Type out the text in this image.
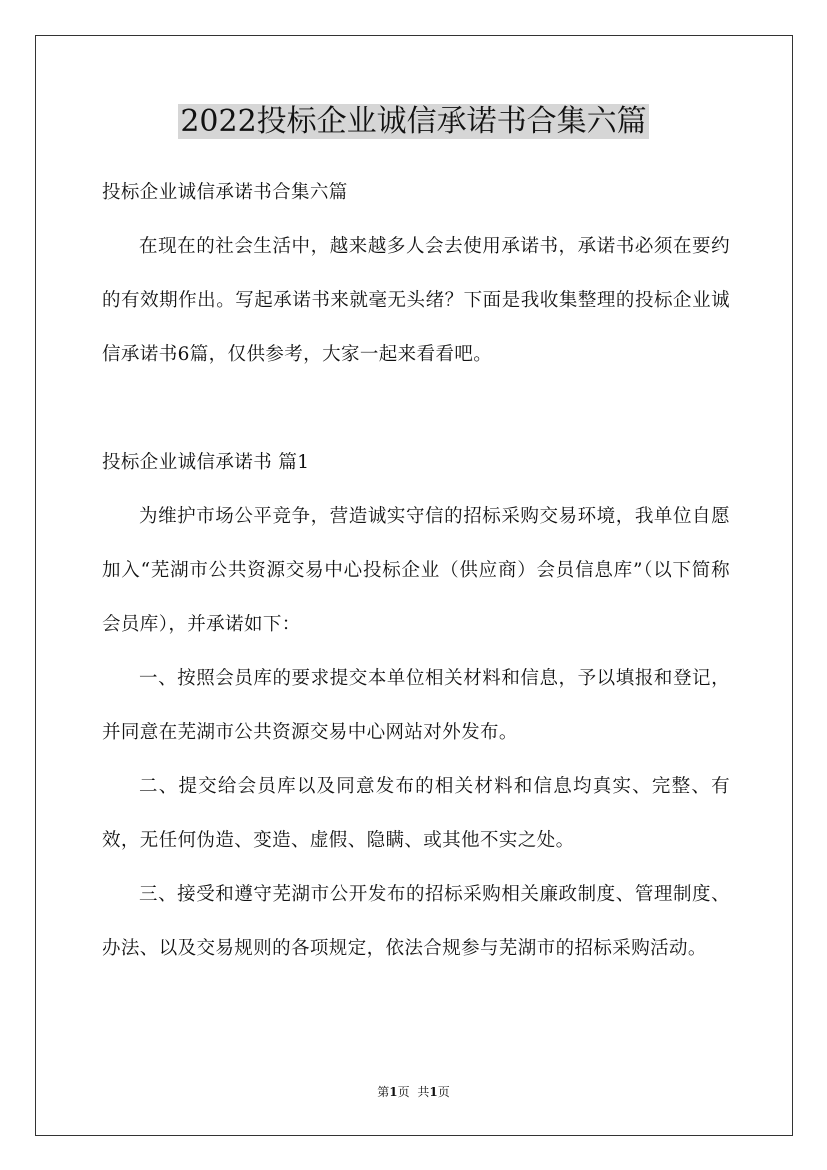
2022投标企业诚信承诺书合集六篇

投标企业诚信承诺书合集六篇

在现在的社会生活中，越来越多人会去使用承诺书，承诺书必须在要约的有效期作出。写起承诺书来就毫无头绪？下面是我收集整理的投标企业诚信承诺书6篇，仅供参考，大家一起来看看吧。

投标企业诚信承诺书 篇1

为维护市场公平竞争，营造诚实守信的招标采购交易环境，我单位自愿加入“芜湖市公共资源交易中心投标企业（供应商）会员信息库”（以下简称会员库），并承诺如下：

一、按照会员库的要求提交本单位相关材料和信息，予以填报和登记，并同意在芜湖市公共资源交易中心网站对外发布。

二、提交给会员库以及同意发布的相关材料和信息均真实、完整、有效，无任何伪造、变造、虚假、隐瞒、或其他不实之处。

三、接受和遵守芜湖市公开发布的招标采购相关廉政制度、管理制度、办法、以及交易规则的各项规定，依法合规参与芜湖市的招标采购活动。

第1页 共1页
